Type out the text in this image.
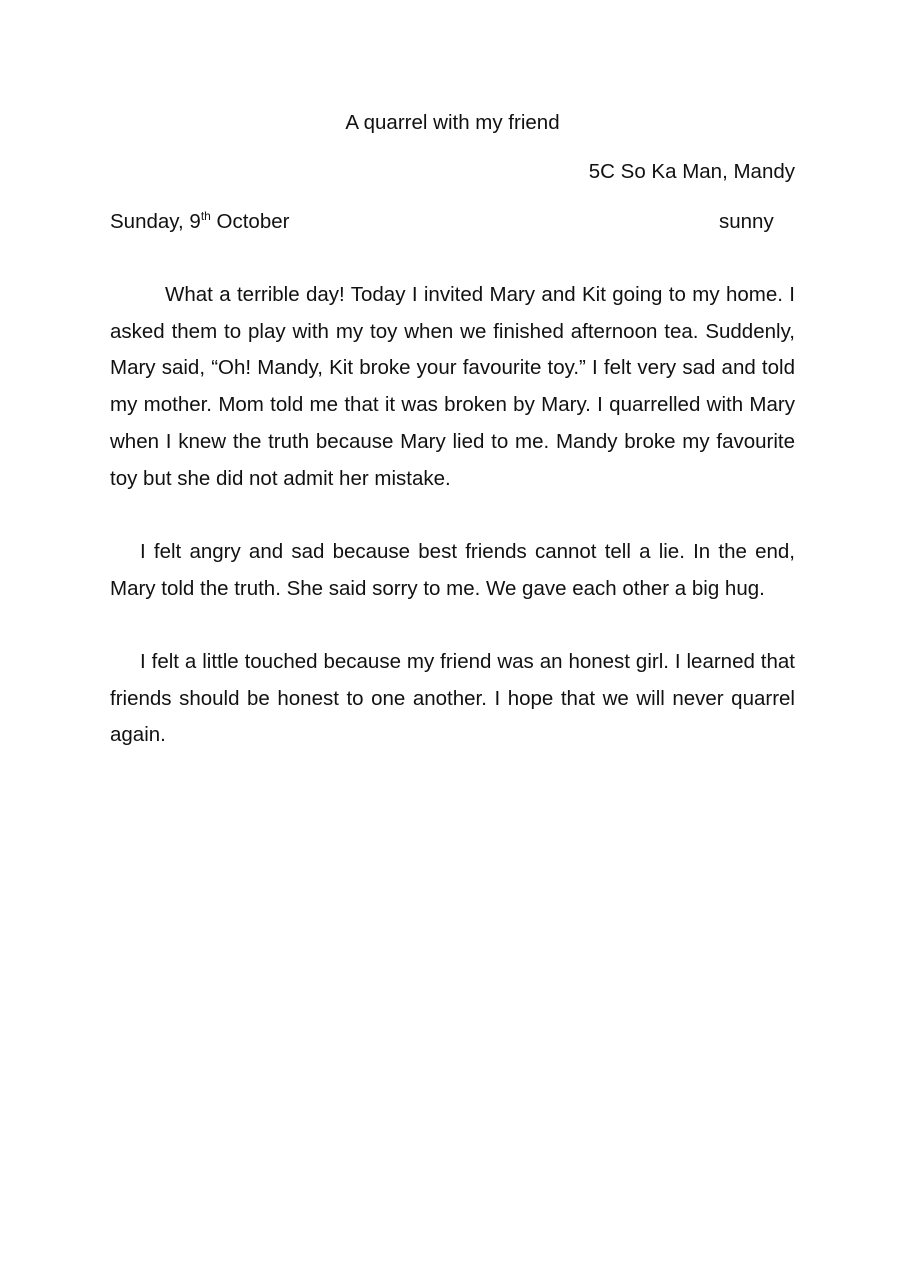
A quarrel with my friend
5C So Ka Man, Mandy
Sunday, 9th October	sunny

What a terrible day! Today I invited Mary and Kit going to my home. I asked them to play with my toy when we finished afternoon tea. Suddenly, Mary said, “Oh! Mandy, Kit broke your favourite toy.” I felt very sad and told my mother. Mom told me that it was broken by Mary. I quarrelled with Mary when I knew the truth because Mary lied to me. Mandy broke my favourite toy but she did not admit her mistake.

I felt angry and sad because best friends cannot tell a lie. In the end, Mary told the truth. She said sorry to me. We gave each other a big hug.

I felt a little touched because my friend was an honest girl. I learned that friends should be honest to one another. I hope that we will never quarrel again.
